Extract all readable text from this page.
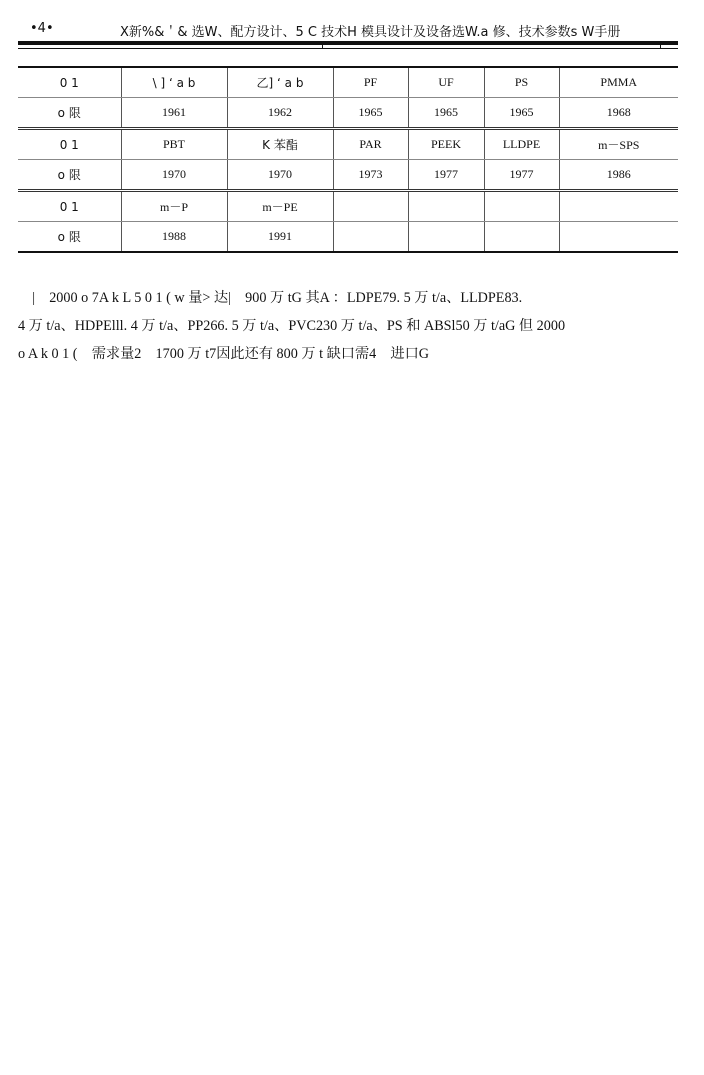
•4•	X新%&＇& 选W、配方设计、5 C 技术H 模具设计及设备选W.a 修、技术参数s W手册
0 1	\ ] ‘ a b	乙] ‘ a b	PF	UF	PS	PMMA
o 限	1961	1962	1965	1965	1965	1968
0 1	PBT	K 苯酯	PAR	PEEK	LLDPE	m－SPS
o 限	1970	1970	1973	1977	1977	1986
0 1	m－P	m－PE				
o 限	1988	1991				
　|　2000 o 7A k L 5 0 1 ( w 量> 达|　900 万 tG 其A ：LDPE79. 5 万 t/a、LLDPE83.
4 万 t/a、HDPElll. 4 万 t/a、PP266. 5 万 t/a、PVC230 万 t/a、PS 和 ABSl50 万 t/aG 但 2000
o A k 0 1 (　需求量2　1700 万 t7因此还有 800 万 t 缺口需4　进口G
